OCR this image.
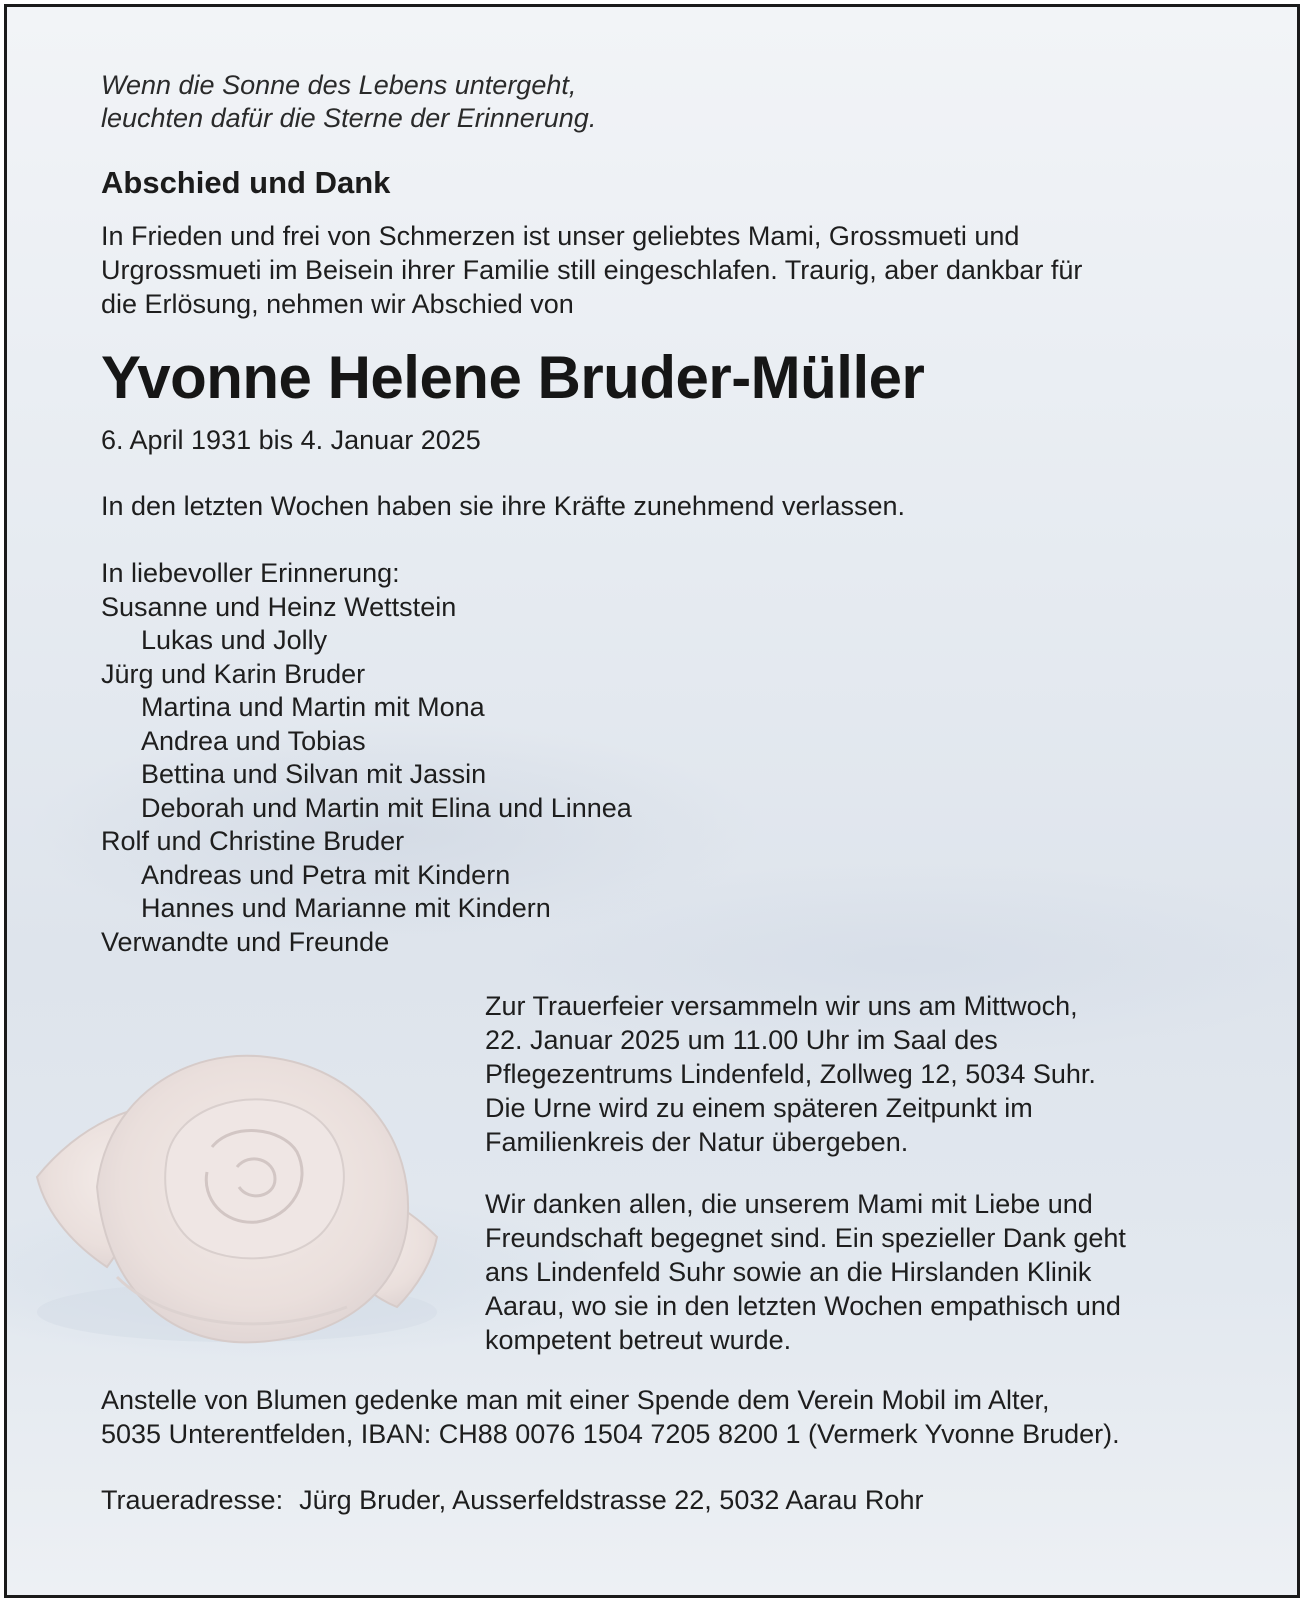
Wenn die Sonne des Lebens untergeht,
leuchten dafür die Sterne der Erinnerung.

Abschied und Dank

In Frieden und frei von Schmerzen ist unser geliebtes Mami, Grossmueti und
Urgrossmueti im Beisein ihrer Familie still eingeschlafen. Traurig, aber dankbar für
die Erlösung, nehmen wir Abschied von

Yvonne Helene Bruder-Müller

6. April 1931 bis 4. Januar 2025

In den letzten Wochen haben sie ihre Kräfte zunehmend verlassen.

In liebevoller Erinnerung:
Susanne und Heinz Wettstein
Lukas und Jolly
Jürg und Karin Bruder
Martina und Martin mit Mona
Andrea und Tobias
Bettina und Silvan mit Jassin
Deborah und Martin mit Elina und Linnea
Rolf und Christine Bruder
Andreas und Petra mit Kindern
Hannes und Marianne mit Kindern
Verwandte und Freunde

Zur Trauerfeier versammeln wir uns am Mittwoch,
22. Januar 2025 um 11.00 Uhr im Saal des
Pflegezentrums Lindenfeld, Zollweg 12, 5034 Suhr.
Die Urne wird zu einem späteren Zeitpunkt im
Familienkreis der Natur übergeben.

Wir danken allen, die unserem Mami mit Liebe und
Freundschaft begegnet sind. Ein spezieller Dank geht
ans Lindenfeld Suhr sowie an die Hirslanden Klinik
Aarau, wo sie in den letzten Wochen empathisch und
kompetent betreut wurde.

Anstelle von Blumen gedenke man mit einer Spende dem Verein Mobil im Alter,
5035 Unterentfelden, IBAN: CH88 0076 1504 7205 8200 1 (Vermerk Yvonne Bruder).

Traueradresse: Jürg Bruder, Ausserfeldstrasse 22, 5032 Aarau Rohr
